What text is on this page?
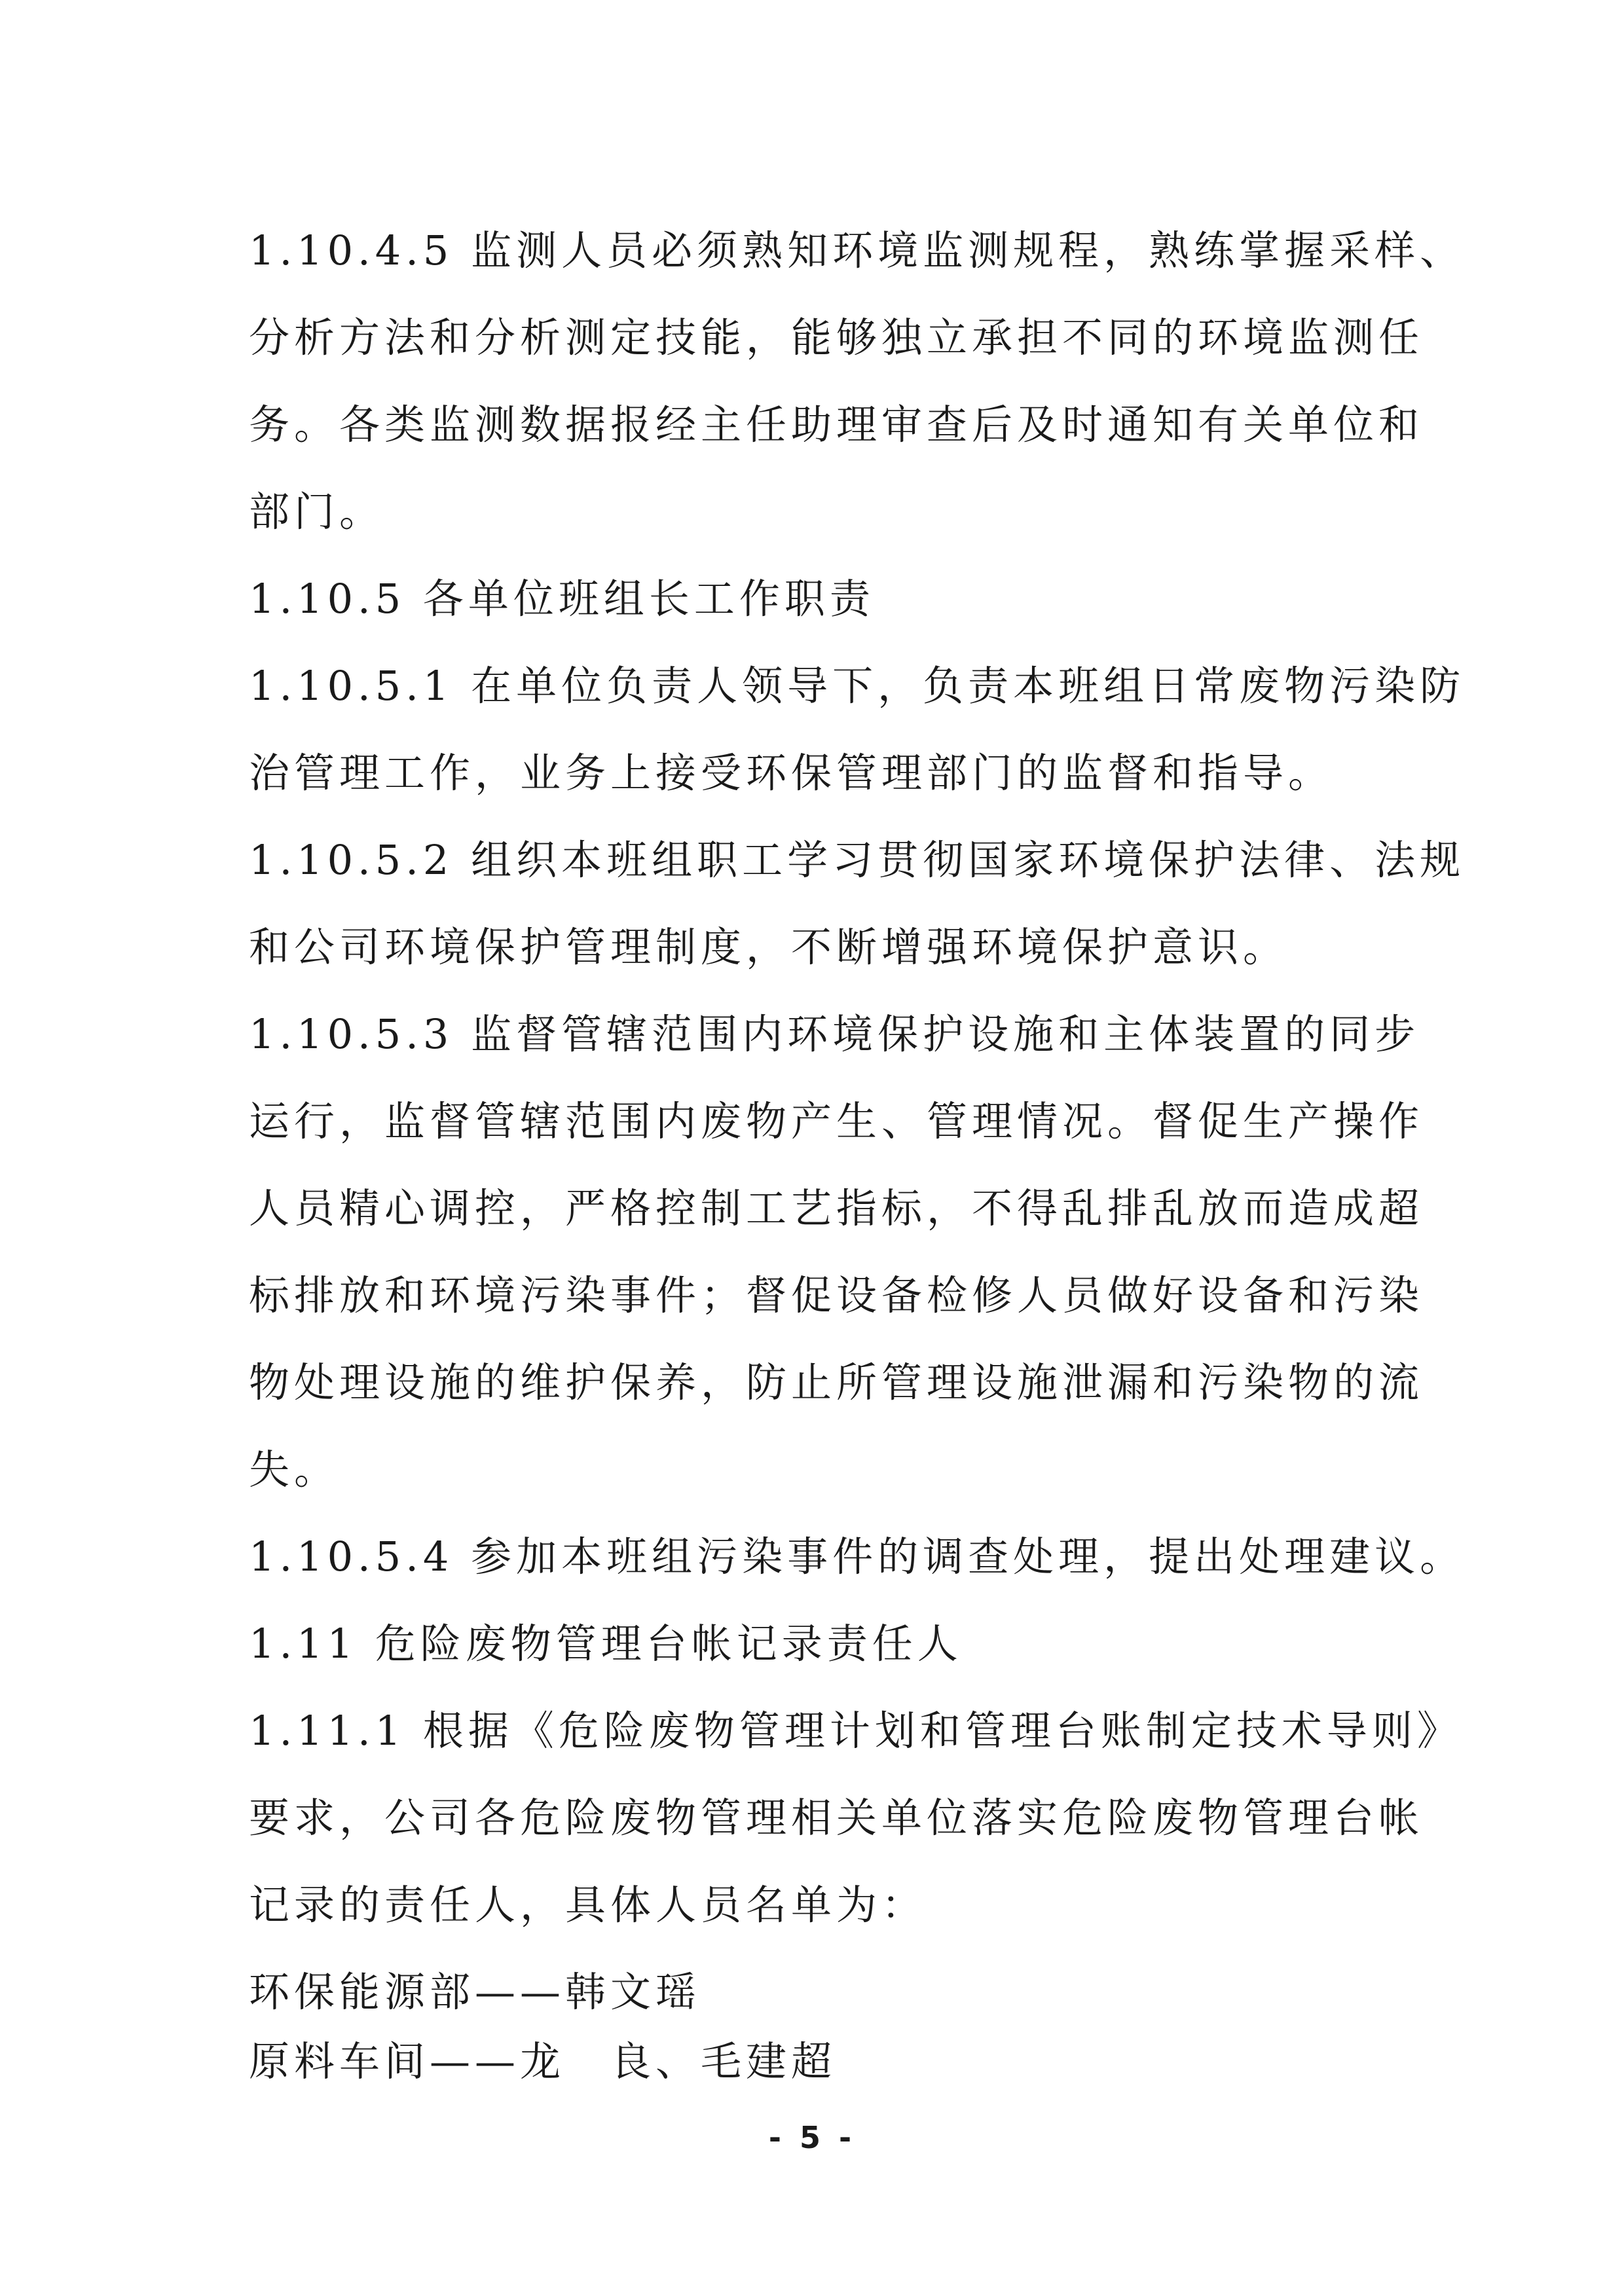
1.10.4.5 监测人员必须熟知环境监测规程，熟练掌握采样、
分析方法和分析测定技能，能够独立承担不同的环境监测任
务。各类监测数据报经主任助理审查后及时通知有关单位和
部门。
1.10.5 各单位班组长工作职责
1.10.5.1 在单位负责人领导下，负责本班组日常废物污染防
治管理工作，业务上接受环保管理部门的监督和指导。
1.10.5.2 组织本班组职工学习贯彻国家环境保护法律、法规
和公司环境保护管理制度，不断增强环境保护意识。
1.10.5.3 监督管辖范围内环境保护设施和主体装置的同步
运行，监督管辖范围内废物产生、管理情况。督促生产操作
人员精心调控，严格控制工艺指标，不得乱排乱放而造成超
标排放和环境污染事件；督促设备检修人员做好设备和污染
物处理设施的维护保养，防止所管理设施泄漏和污染物的流
失。
1.10.5.4 参加本班组污染事件的调查处理，提出处理建议。
1.11 危险废物管理台帐记录责任人
1.11.1 根据《危险废物管理计划和管理台账制定技术导则》
要求，公司各危险废物管理相关单位落实危险废物管理台帐
记录的责任人，具体人员名单为：
环保能源部——韩文瑶
原料车间——龙　良、毛建超
- 5 -
